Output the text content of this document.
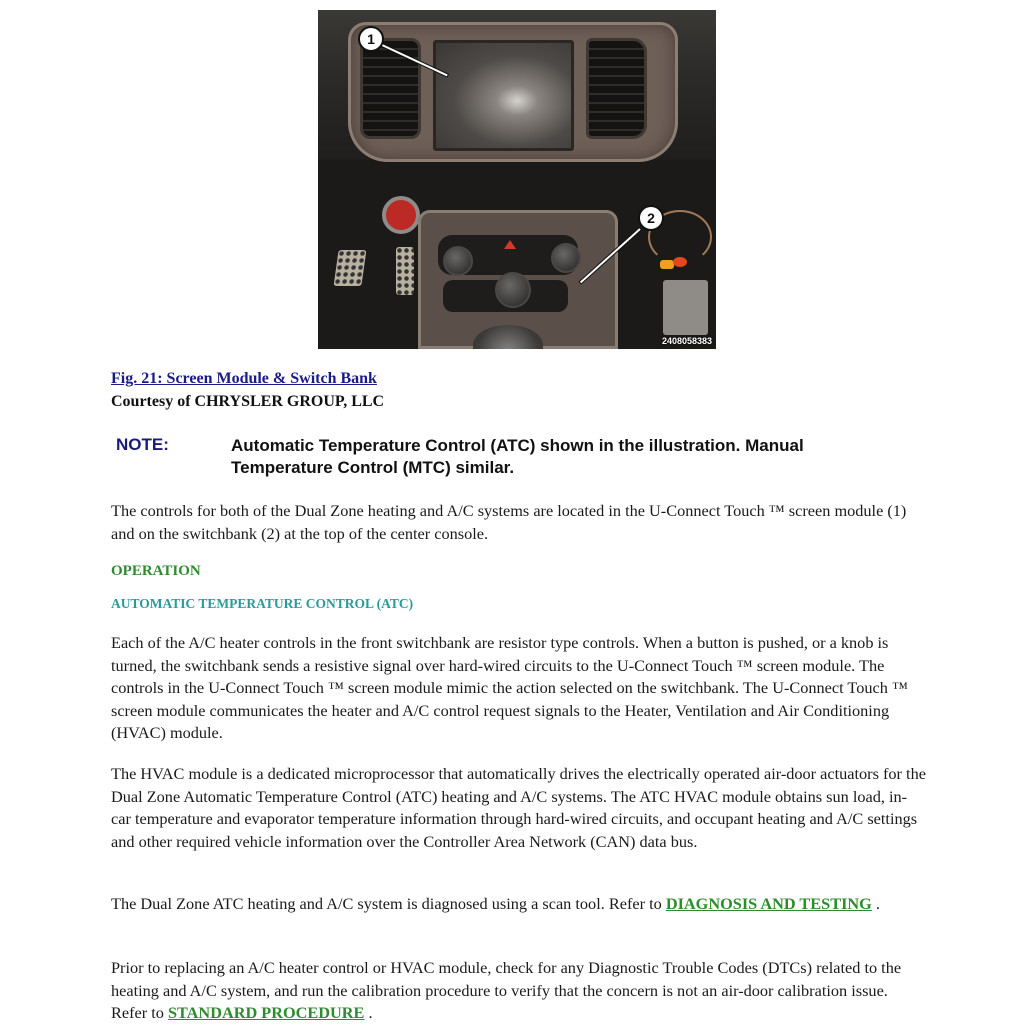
1
2
2408058383
Fig. 21: Screen Module & Switch Bank
Courtesy of CHRYSLER GROUP, LLC
NOTE:	Automatic Temperature Control (ATC) shown in the illustration. Manual Temperature Control (MTC) similar.

The controls for both of the Dual Zone heating and A/C systems are located in the U-Connect Touch ™ screen module (1) and on the switchbank (2) at the top of the center console.

OPERATION
AUTOMATIC TEMPERATURE CONTROL (ATC)

Each of the A/C heater controls in the front switchbank are resistor type controls. When a button is pushed, or a knob is turned, the switchbank sends a resistive signal over hard-wired circuits to the U-Connect Touch ™ screen module. The controls in the U-Connect Touch ™ screen module mimic the action selected on the switchbank. The U-Connect Touch ™ screen module communicates the heater and A/C control request signals to the Heater, Ventilation and Air Conditioning (HVAC) module.

The HVAC module is a dedicated microprocessor that automatically drives the electrically operated air-door actuators for the Dual Zone Automatic Temperature Control (ATC) heating and A/C systems. The ATC HVAC module obtains sun load, in-car temperature and evaporator temperature information through hard-wired circuits, and occupant heating and A/C settings and other required vehicle information over the Controller Area Network (CAN) data bus.

The Dual Zone ATC heating and A/C system is diagnosed using a scan tool. Refer to DIAGNOSIS AND TESTING .

Prior to replacing an A/C heater control or HVAC module, check for any Diagnostic Trouble Codes (DTCs) related to the heating and A/C system, and run the calibration procedure to verify that the concern is not an air-door calibration issue. Refer to STANDARD PROCEDURE .
